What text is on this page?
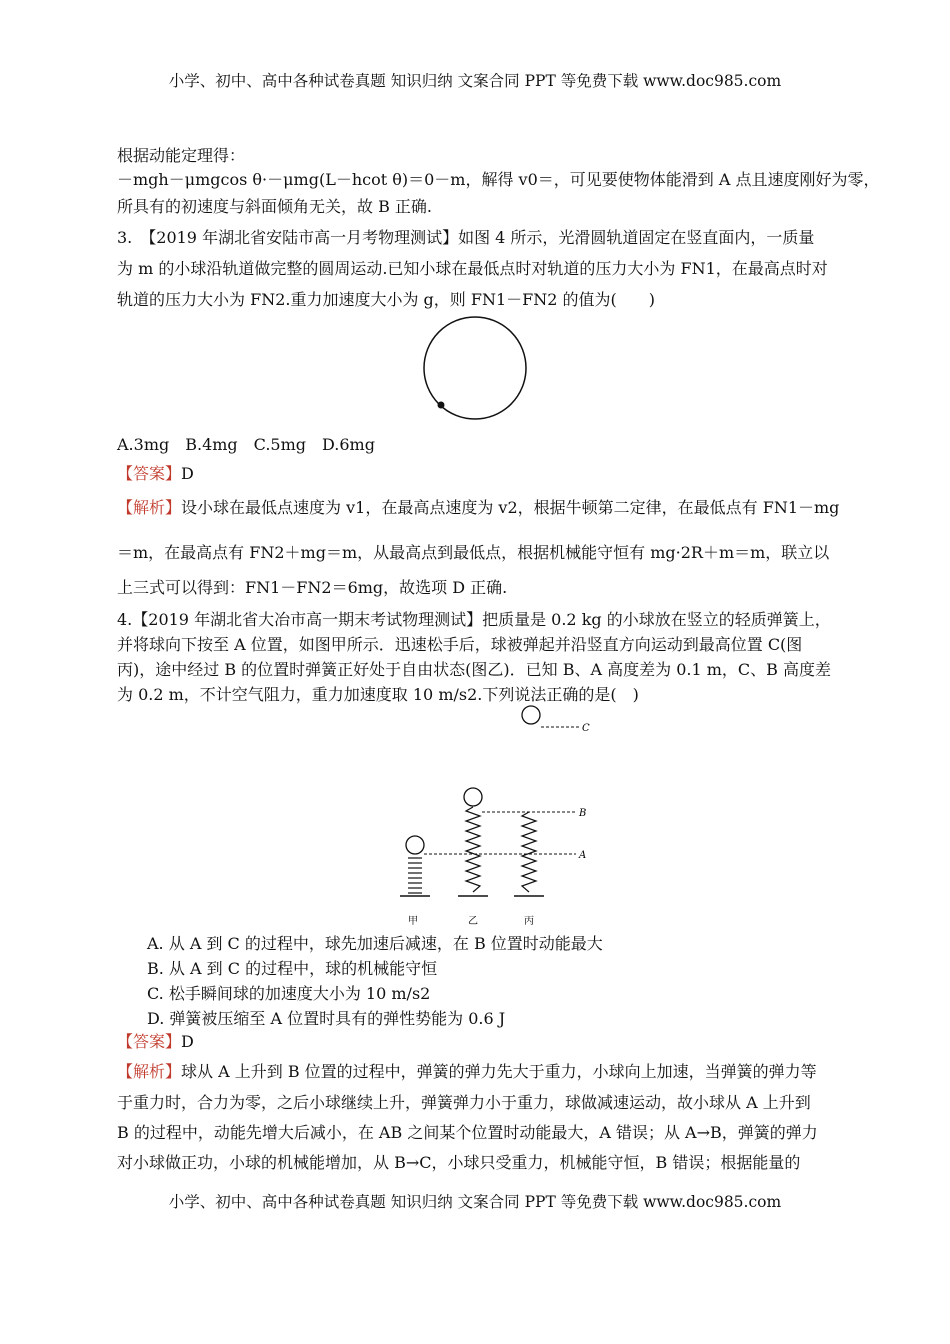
小学、初中、高中各种试卷真题 知识归纳 文案合同 PPT 等免费下载 www.doc985.com
根据动能定理得：
－mgh－μmgcos θ·－μmg(L－hcot θ)＝0－m，解得 v0＝，可见要使物体能滑到 A 点且速度刚好为零，
所具有的初速度与斜面倾角无关，故 B 正确.
3.　【2019 年湖北省安陆市高一月考物理测试】如图 4 所示，光滑圆轨道固定在竖直面内，一质量
为 m 的小球沿轨道做完整的圆周运动.已知小球在最低点时对轨道的压力大小为 FN1，在最高点时对
轨道的压力大小为 FN2.重力加速度大小为 g，则 FN1－FN2 的值为(　　)
A.3mg　B.4mg　C.5mg　D.6mg
【答案】D
【解析】设小球在最低点速度为 v1，在最高点速度为 v2，根据牛顿第二定律，在最低点有 FN1－mg
＝m，在最高点有 FN2＋mg＝m，从最高点到最低点，根据机械能守恒有 mg·2R＋m＝m，联立以
上三式可以得到：FN1－FN2＝6mg，故选项 D 正确.
4.【2019 年湖北省大冶市高一期末考试物理测试】把质量是 0.2 kg 的小球放在竖立的轻质弹簧上，
并将球向下按至 A 位置，如图甲所示．迅速松手后，球被弹起并沿竖直方向运动到最高位置 C(图
丙)，途中经过 B 的位置时弹簧正好处于自由状态(图乙)．已知 B、A 高度差为 0.1 m，C、B 高度差
为 0.2 m，不计空气阻力，重力加速度取 10 m/s2.下列说法正确的是(　)
C
B
A
甲	乙	丙
A. 从 A 到 C 的过程中，球先加速后减速，在 B 位置时动能最大
B. 从 A 到 C 的过程中，球的机械能守恒
C. 松手瞬间球的加速度大小为 10 m/s2
D. 弹簧被压缩至 A 位置时具有的弹性势能为 0.6 J
【答案】D
【解析】球从 A 上升到 B 位置的过程中，弹簧的弹力先大于重力，小球向上加速，当弹簧的弹力等
于重力时，合力为零，之后小球继续上升，弹簧弹力小于重力，球做减速运动，故小球从 A 上升到
B 的过程中，动能先增大后减小，在 AB 之间某个位置时动能最大，A 错误；从 A→B，弹簧的弹力
对小球做正功，小球的机械能增加，从 B→C，小球只受重力，机械能守恒，B 错误；根据能量的
小学、初中、高中各种试卷真题 知识归纳 文案合同 PPT 等免费下载 www.doc985.com
